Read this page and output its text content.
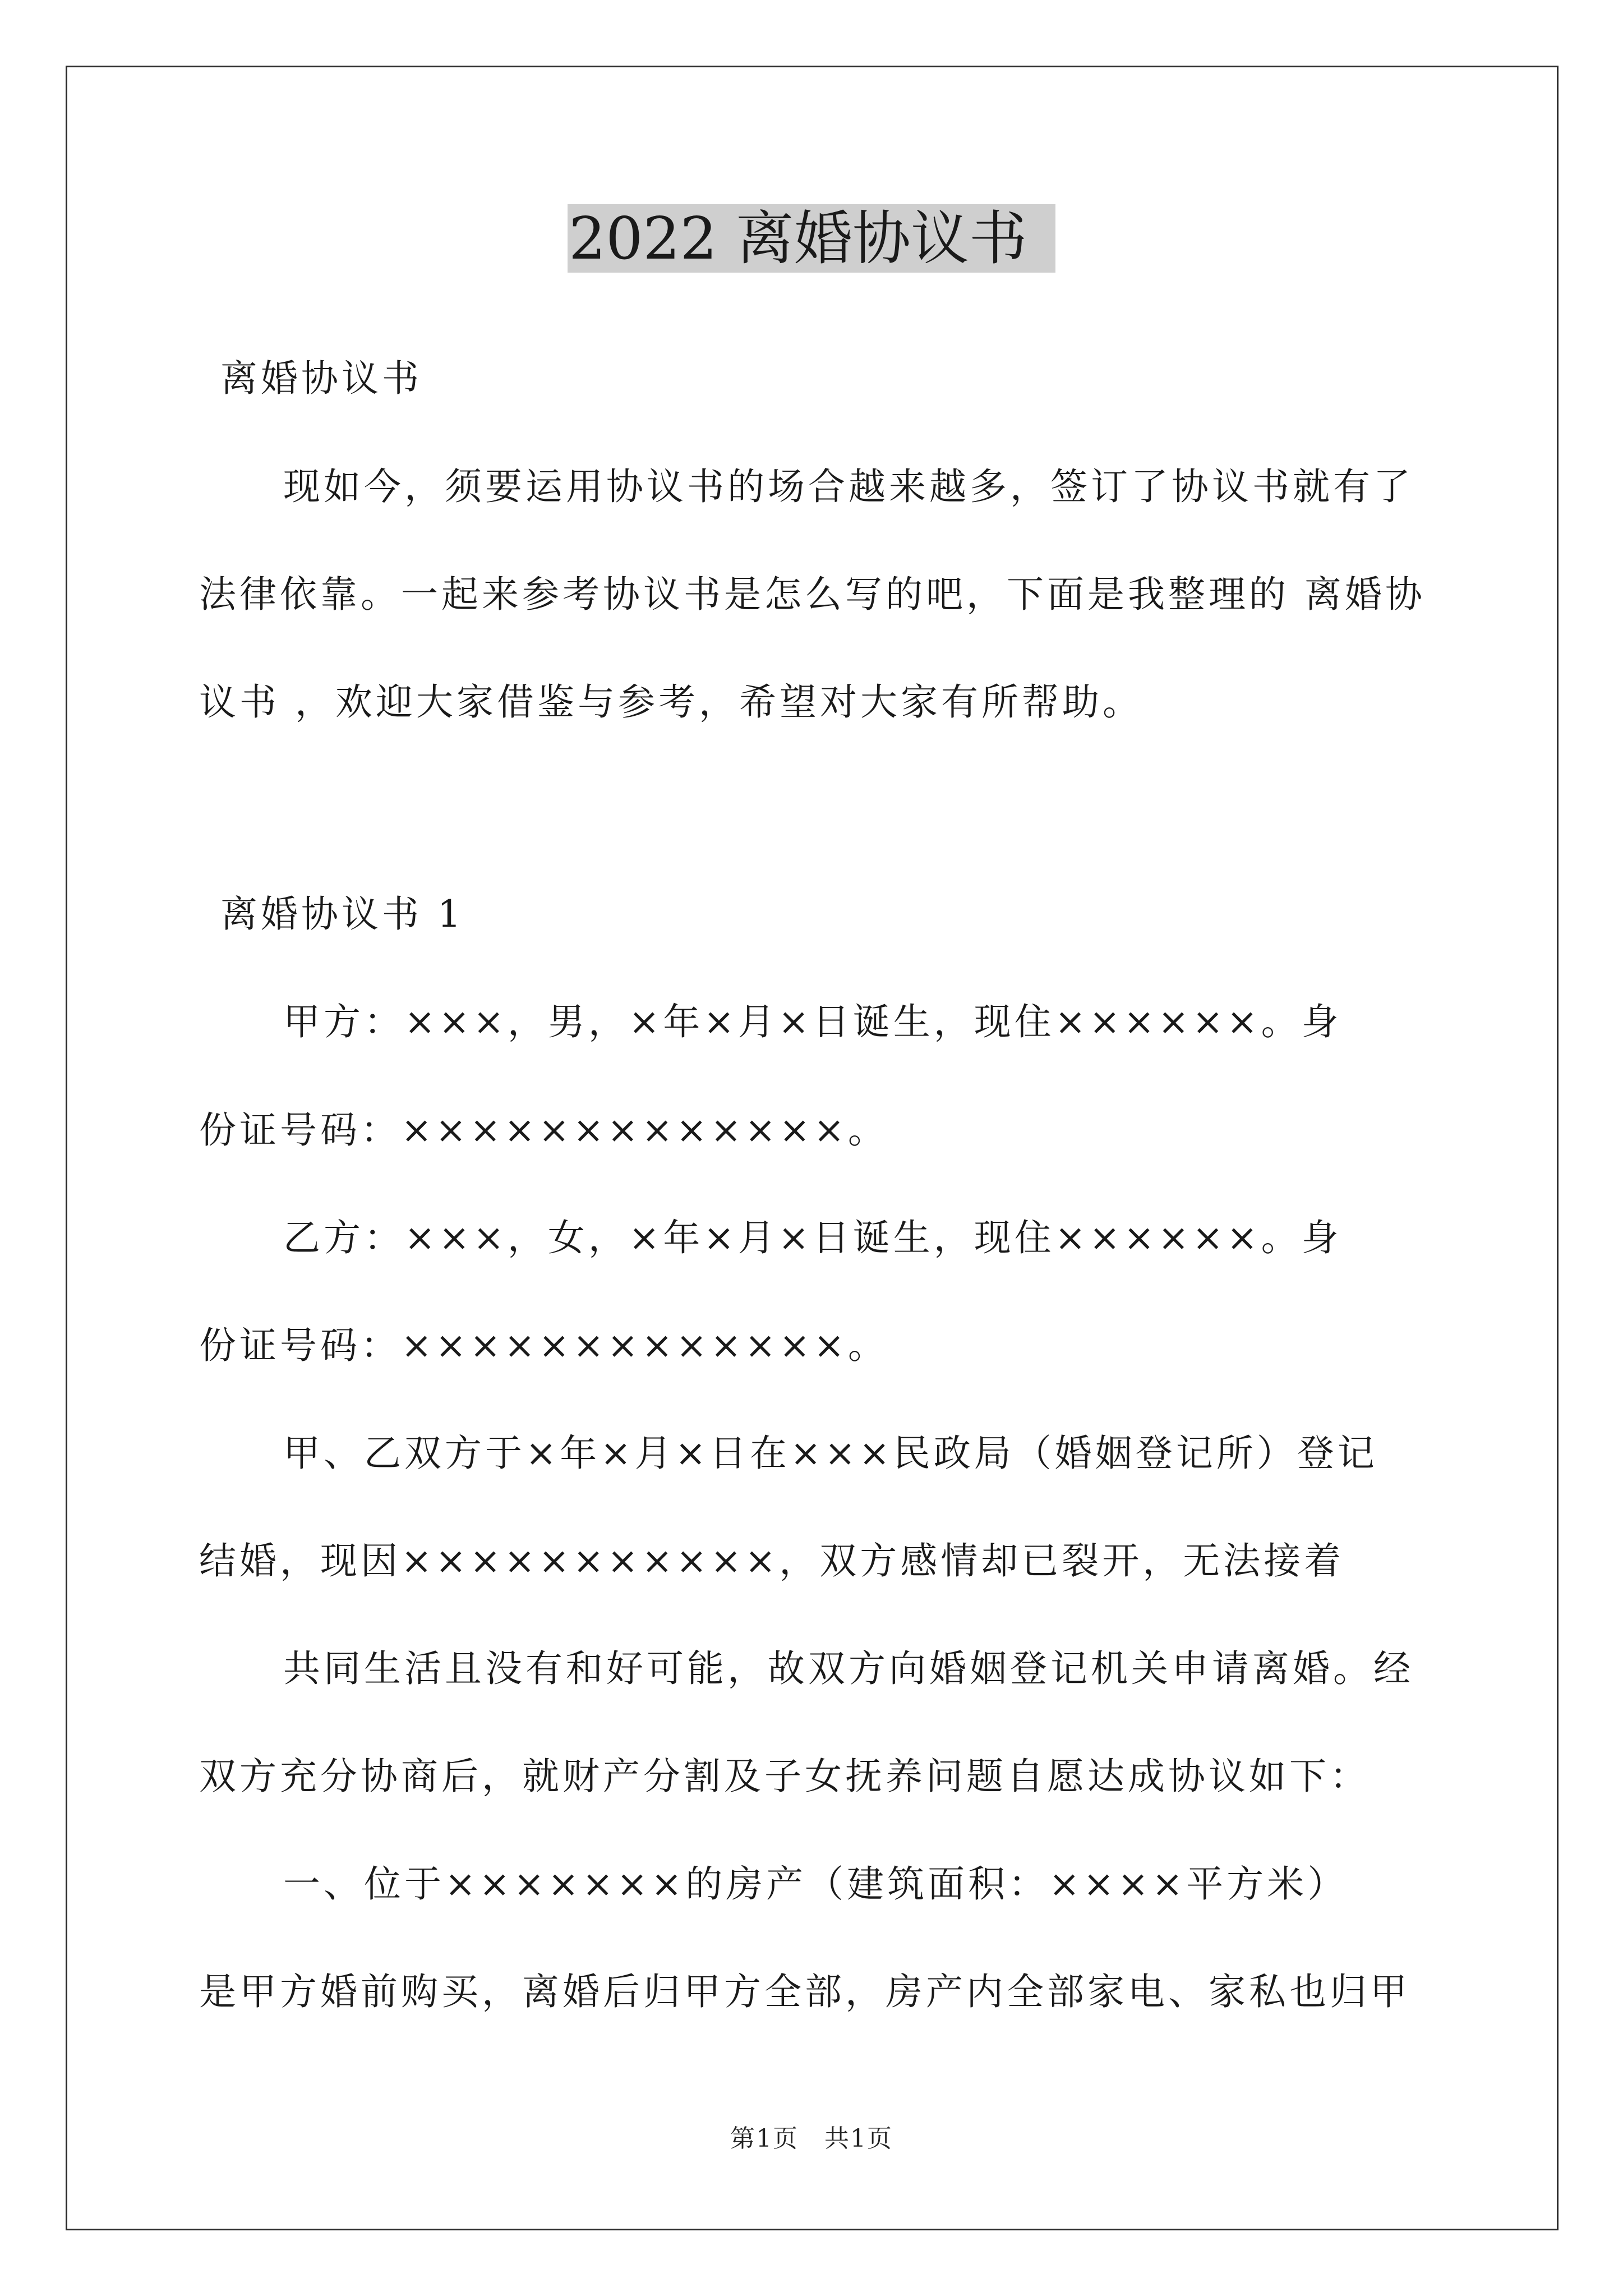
2022 离婚协议书
离婚协议书
现如今，须要运用协议书的场合越来越多，签订了协议书就有了
法律依靠。一起来参考协议书是怎么写的吧，下面是我整理的 离婚协
议书 ，欢迎大家借鉴与参考，希望对大家有所帮助。
离婚协议书 1
甲方：×××，男，×年×月×日诞生，现住××××××。身
份证号码：×××××××××××××。
乙方：×××，女，×年×月×日诞生，现住××××××。身
份证号码：×××××××××××××。
甲、乙双方于×年×月×日在×××民政局（婚姻登记所）登记
结婚，现因×××××××××××，双方感情却已裂开，无法接着
共同生活且没有和好可能，故双方向婚姻登记机关申请离婚。经
双方充分协商后，就财产分割及子女抚养问题自愿达成协议如下：
一、位于×××××××的房产（建筑面积：××××平方米）
是甲方婚前购买，离婚后归甲方全部，房产内全部家电、家私也归甲
第1页　共1页
